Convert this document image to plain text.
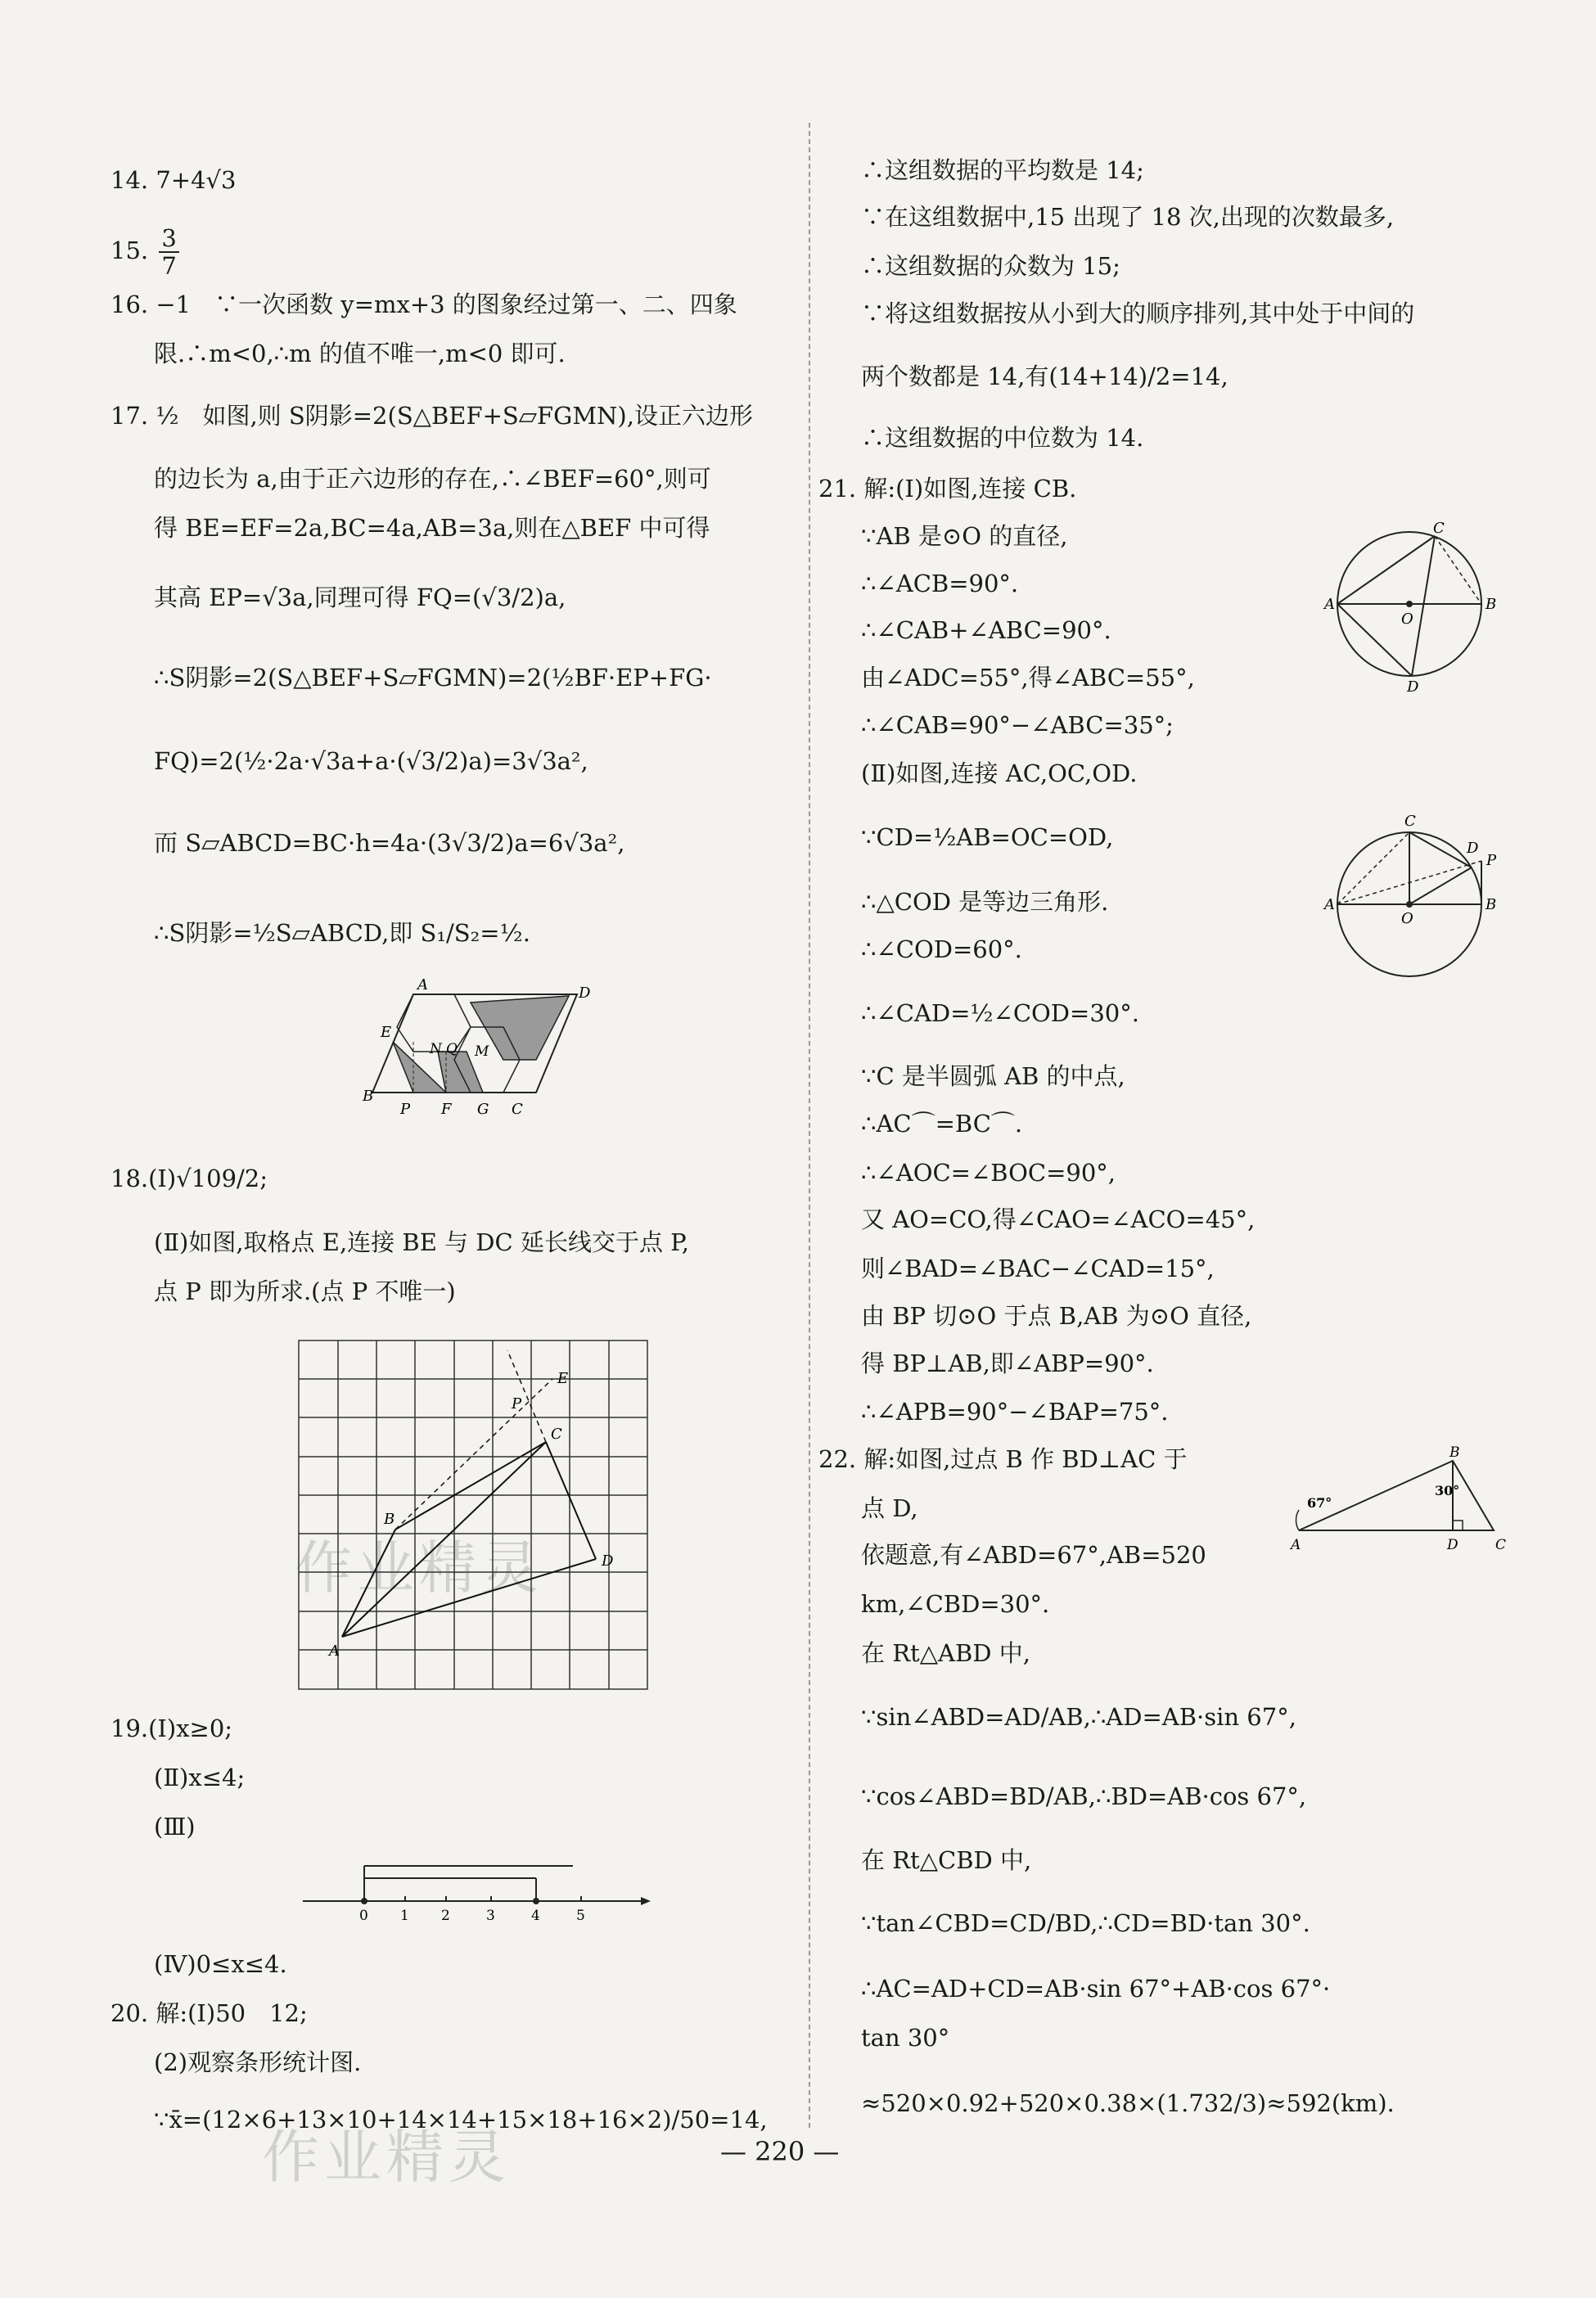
作业精灵
作业精灵
14. 7+4√3
15. $\frac{3}{7}$
16. −1　∵一次函数 y=mx+3 的图象经过第一、二、四象
限.∴m<0,∴m 的值不唯一,m<0 即可.
17. ½　如图,则 S阴影=2(S△BEF+S▱FGMN),设正六边形
的边长为 a,由于正六边形的存在,∴∠BEF=60°,则可
得 BE=EF=2a,BC=4a,AB=3a,则在△BEF 中可得
其高 EP=√3a,同理可得 FQ=(√3/2)a,
∴S阴影=2(S△BEF+S▱FGMN)=2(½BF·EP+FG·
FQ)=2(½·2a·√3a+a·(√3/2)a)=3√3a²,
而 S▱ABCD=BC·h=4a·(3√3/2)a=6√3a²,
∴S阴影=½S▱ABCD,即 S₁/S₂=½.
A	D
E
N Q M
B
P F G C
18.(Ⅰ)√109/2;
(Ⅱ)如图,取格点 E,连接 BE 与 DC 延长线交于点 P,
点 P 即为所求.(点 P 不唯一)
A
B
C
D
E
P
19.(Ⅰ)x≥0;
(Ⅱ)x≤4;
(Ⅲ)
0 1 2	3	4	5
(Ⅳ)0≤x≤4.
20. 解:(Ⅰ)50　12;
(2)观察条形统计图.
∵x̄=(12×6+13×10+14×14+15×18+16×2)/50=14,
∴这组数据的平均数是 14;
∵在这组数据中,15 出现了 18 次,出现的次数最多,
∴这组数据的众数为 15;
∵将这组数据按从小到大的顺序排列,其中处于中间的
两个数都是 14,有(14+14)/2=14,
∴这组数据的中位数为 14.
21. 解:(Ⅰ)如图,连接 CB.
∵AB 是⊙O 的直径,
∴∠ACB=90°.
∴∠CAB+∠ABC=90°.
由∠ADC=55°,得∠ABC=55°,
∴∠CAB=90°−∠ABC=35°;
(Ⅱ)如图,连接 AC,OC,OD.
∵CD=½AB=OC=OD,
∴△COD 是等边三角形.
∴∠COD=60°.
∴∠CAD=½∠COD=30°.
∵C 是半圆弧 AB 的中点,
∴AC⌒=BC⌒.
∴∠AOC=∠BOC=90°,
又 AO=CO,得∠CAO=∠ACO=45°,
则∠BAD=∠BAC−∠CAD=15°,
由 BP 切⊙O 于点 B,AB 为⊙O 直径,
得 BP⊥AB,即∠ABP=90°.
∴∠APB=90°−∠BAP=75°.
A	B
C
D
O
A	B
C
D
O
P
22. 解:如图,过点 B 作 BD⊥AC 于
点 D,
依题意,有∠ABD=67°,AB=520
km,∠CBD=30°.
在 Rt△ABD 中,
∵sin∠ABD=AD/AB,∴AD=AB·sin 67°,
∵cos∠ABD=BD/AB,∴BD=AB·cos 67°,
在 Rt△CBD 中,
∵tan∠CBD=CD/BD,∴CD=BD·tan 30°.
∴AC=AD+CD=AB·sin 67°+AB·cos 67°·
tan 30°
≈520×0.92+520×0.38×(1.732/3)≈592(km).
A
B
C
D
67°
30°
— 220 —
